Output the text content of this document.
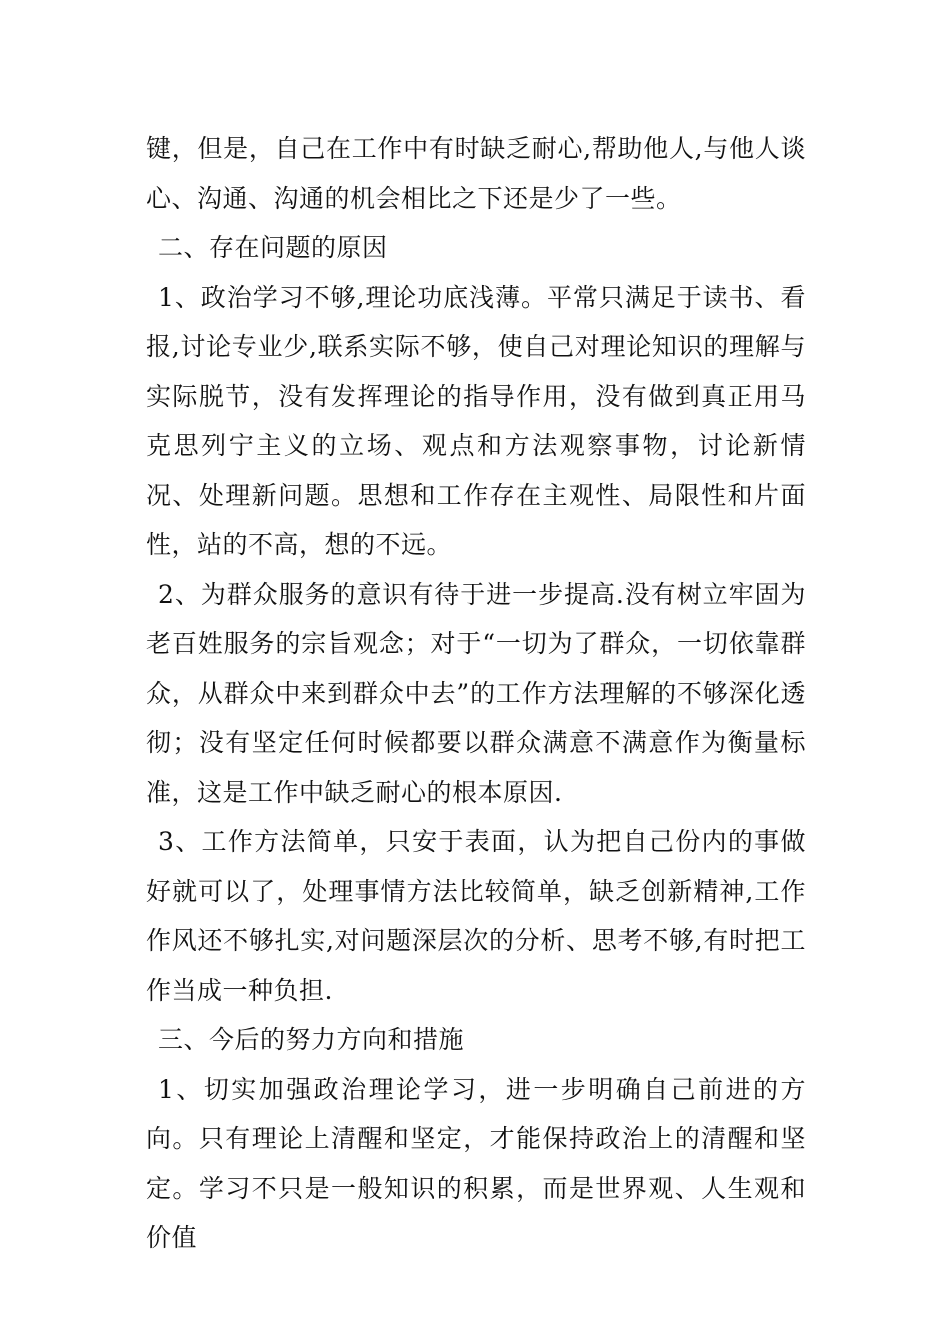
键，但是，自己在工作中有时缺乏耐心,帮助他人,与他人谈心、沟通、沟通的机会相比之下还是少了一些。

二、存在问题的原因

1、政治学习不够,理论功底浅薄。平常只满足于读书、看报,讨论专业少,联系实际不够，使自己对理论知识的理解与实际脱节，没有发挥理论的指导作用，没有做到真正用马克思列宁主义的立场、观点和方法观察事物，讨论新情况、处理新问题。思想和工作存在主观性、局限性和片面性，站的不高，想的不远。

2、为群众服务的意识有待于进一步提高.没有树立牢固为老百姓服务的宗旨观念；对于“一切为了群众，一切依靠群众，从群众中来到群众中去”的工作方法理解的不够深化透彻；没有坚定任何时候都要以群众满意不满意作为衡量标准，这是工作中缺乏耐心的根本原因.

3、工作方法简单，只安于表面，认为把自己份内的事做好就可以了，处理事情方法比较简单，缺乏创新精神,工作作风还不够扎实,对问题深层次的分析、思考不够,有时把工作当成一种负担.

三、今后的努力方向和措施

1、切实加强政治理论学习，进一步明确自己前进的方向。只有理论上清醒和坚定，才能保持政治上的清醒和坚定。学习不只是一般知识的积累，而是世界观、人生观和价值
